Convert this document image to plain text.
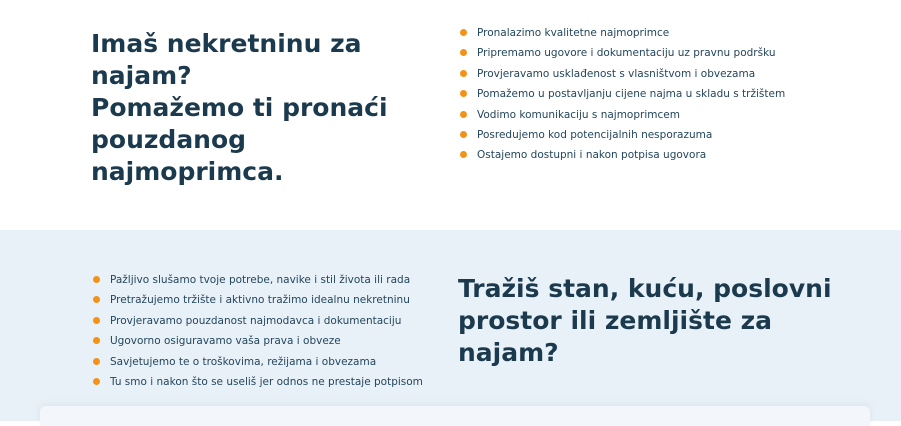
Imaš nekretninu za najam?
Pomažemo ti pronaći
pouzdanog najmoprimca.
Pronalazimo kvalitetne najmoprimce
Pripremamo ugovore i dokumentaciju uz pravnu podršku
Provjeravamo usklađenost s vlasništvom i obvezama
Pomažemo u postavljanju cijene najma u skladu s tržištem
Vodimo komunikaciju s najmoprimcem
Posredujemo kod potencijalnih nesporazuma
Ostajemo dostupni i nakon potpisa ugovora
Pažljivo slušamo tvoje potrebe, navike i stil života ili rada
Pretražujemo tržište i aktivno tražimo idealnu nekretninu
Provjeravamo pouzdanost najmodavca i dokumentaciju
Ugovorno osiguravamo vaša prava i obveze
Savjetujemo te o troškovima, režijama i obvezama
Tu smo i nakon što se useliš jer odnos ne prestaje potpisom
Tražiš stan, kuću, poslovni
prostor ili zemljište za najam?
